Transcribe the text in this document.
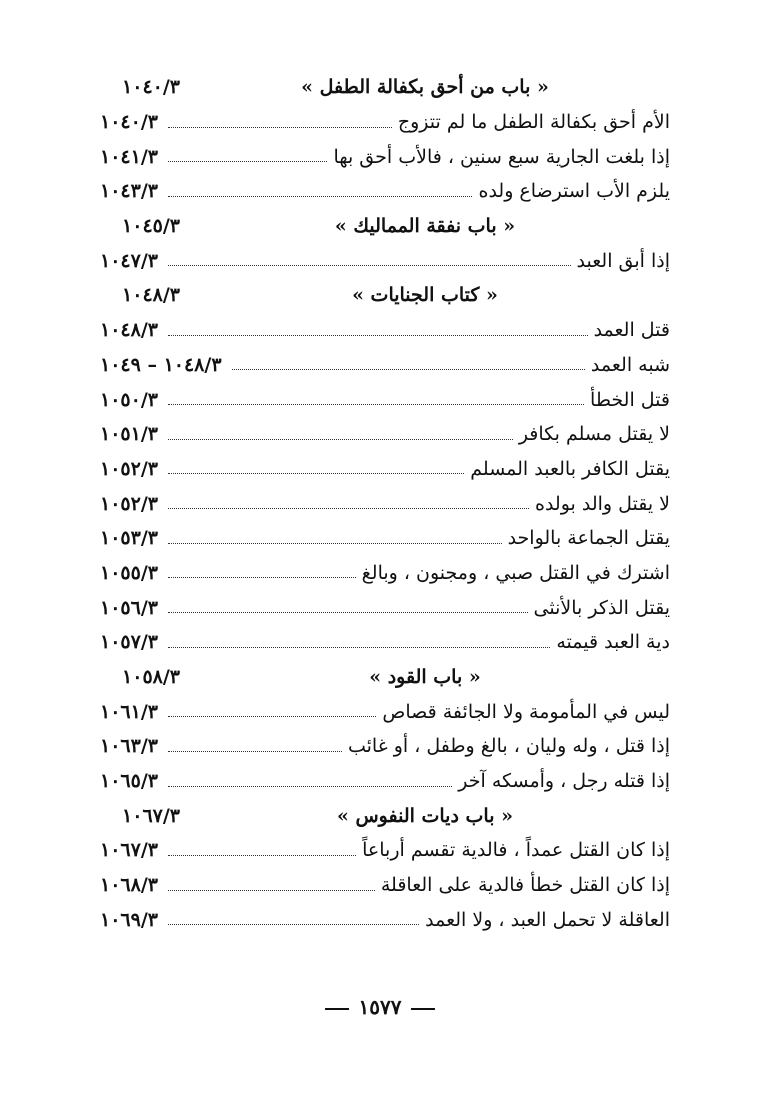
١٠٤٠/٣	« باب من أحق بكفالة الطفل »
١٠٤٠/٣	الأم أحق بكفالة الطفل ما لم تتزوج
١٠٤١/٣	إذا بلغت الجارية سبع سنين ، فالأب أحق بها
١٠٤٣/٣	يلزم الأب استرضاع ولده
١٠٤٥/٣	« باب نفقة المماليك »
١٠٤٧/٣	إذا أبق العبد
١٠٤٨/٣	« كتاب الجنايات »
١٠٤٨/٣	قتل العمد
١٠٤٨/٣ – ١٠٤٩	شبه العمد
١٠٥٠/٣	قتل الخطأ
١٠٥١/٣	لا يقتل مسلم بكافر
١٠٥٢/٣	يقتل الكافر بالعبد المسلم
١٠٥٢/٣	لا يقتل والد بولده
١٠٥٣/٣	يقتل الجماعة بالواحد
١٠٥٥/٣	اشترك في القتل صبي ، ومجنون ، وبالغ
١٠٥٦/٣	يقتل الذكر بالأنثى
١٠٥٧/٣	دية العبد قيمته
١٠٥٨/٣	« باب القود »
١٠٦١/٣	ليس في المأمومة ولا الجائفة قصاص
١٠٦٣/٣	إذا قتل ، وله وليان ، بالغ وطفل ، أو غائب
١٠٦٥/٣	إذا قتله رجل ، وأمسكه آخر
١٠٦٧/٣	« باب ديات النفوس »
١٠٦٧/٣	إذا كان القتل عمداً ، فالدية تقسم أرباعاً
١٠٦٨/٣	إذا كان القتل خطأ فالدية على العاقلة
١٠٦٩/٣	العاقلة لا تحمل العبد ، ولا العمد
١٥٧٧
